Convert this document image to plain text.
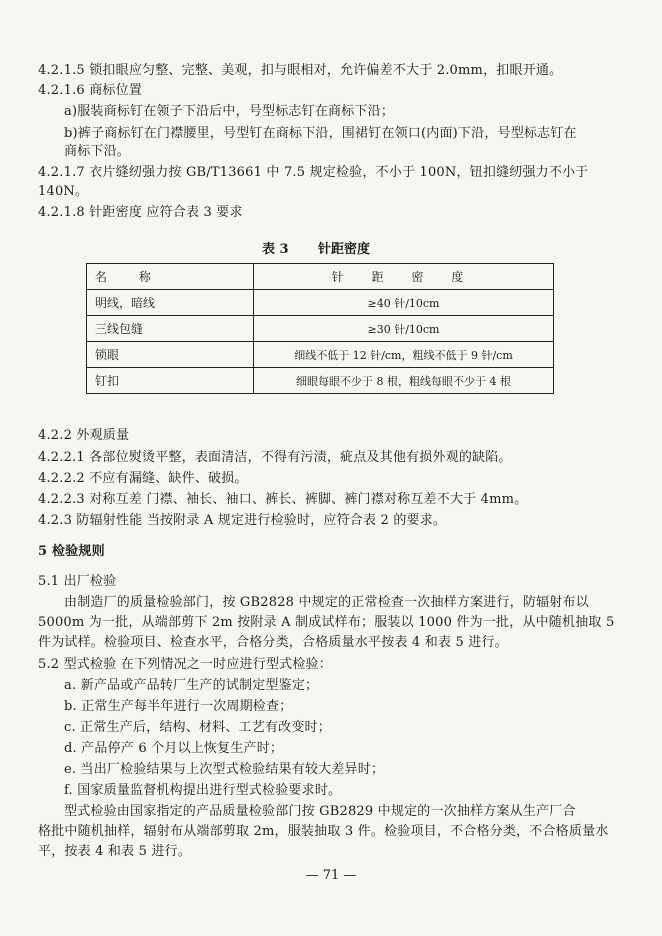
4.2.1.5 锁扣眼应匀整、完整、美观，扣与眼相对，允许偏差不大于 2.0mm，扣眼开通。
4.2.1.6 商标位置
a)服装商标钉在领子下沿后中，号型标志钉在商标下沿；
b)裤子商标钉在门襟腰里，号型钉在商标下沿，围裙钉在领口(内面)下沿，号型标志钉在
商标下沿。
4.2.1.7 衣片缝纫强力按 GB/T13661 中 7.5 规定检验，不小于 100N，钮扣缝纫强力不小于
140N。
4.2.1.8 针距密度 应符合表 3 要求
表 3 针距密度
名 称	针 距 密 度
明线，暗线	≥40 针/10cm
三线包缝	≥30 针/10cm
锁眼	细线不低于 12 针/cm，粗线不低于 9 针/cm
钉扣	细眼每眼不少于 8 根，粗线每眼不少于 4 根
4.2.2 外观质量
4.2.2.1 各部位熨烫平整，表面清洁，不得有污渍，疵点及其他有损外观的缺陷。
4.2.2.2 不应有漏缝、缺件、破损。
4.2.2.3 对称互差 门襟、袖长、袖口、裤长、裤脚、裤门襟对称互差不大于 4mm。
4.2.3 防辐射性能 当按附录 A 规定进行检验时，应符合表 2 的要求。
5 检验规则
5.1 出厂检验
由制造厂的质量检验部门，按 GB2828 中规定的正常检查一次抽样方案进行，防辐射布以
5000m 为一批，从端部剪下 2m 按附录 A 制成试样布；服装以 1000 件为一批，从中随机抽取 5
件为试样。检验项目、检查水平，合格分类，合格质量水平按表 4 和表 5 进行。
5.2 型式检验 在下列情况之一时应进行型式检验：
a. 新产品或产品转厂生产的试制定型鉴定；
b. 正常生产每半年进行一次周期检查；
c. 正常生产后，结构、材料、工艺有改变时；
d. 产品停产 6 个月以上恢复生产时；
e. 当出厂检验结果与上次型式检验结果有较大差异时；
f. 国家质量监督机构提出进行型式检验要求时。
型式检验由国家指定的产品质量检验部门按 GB2829 中规定的一次抽样方案从生产厂合
格批中随机抽样，辐射布从端部剪取 2m，服装抽取 3 件。检验项目，不合格分类，不合格质量水
平，按表 4 和表 5 进行。
— 71 —
